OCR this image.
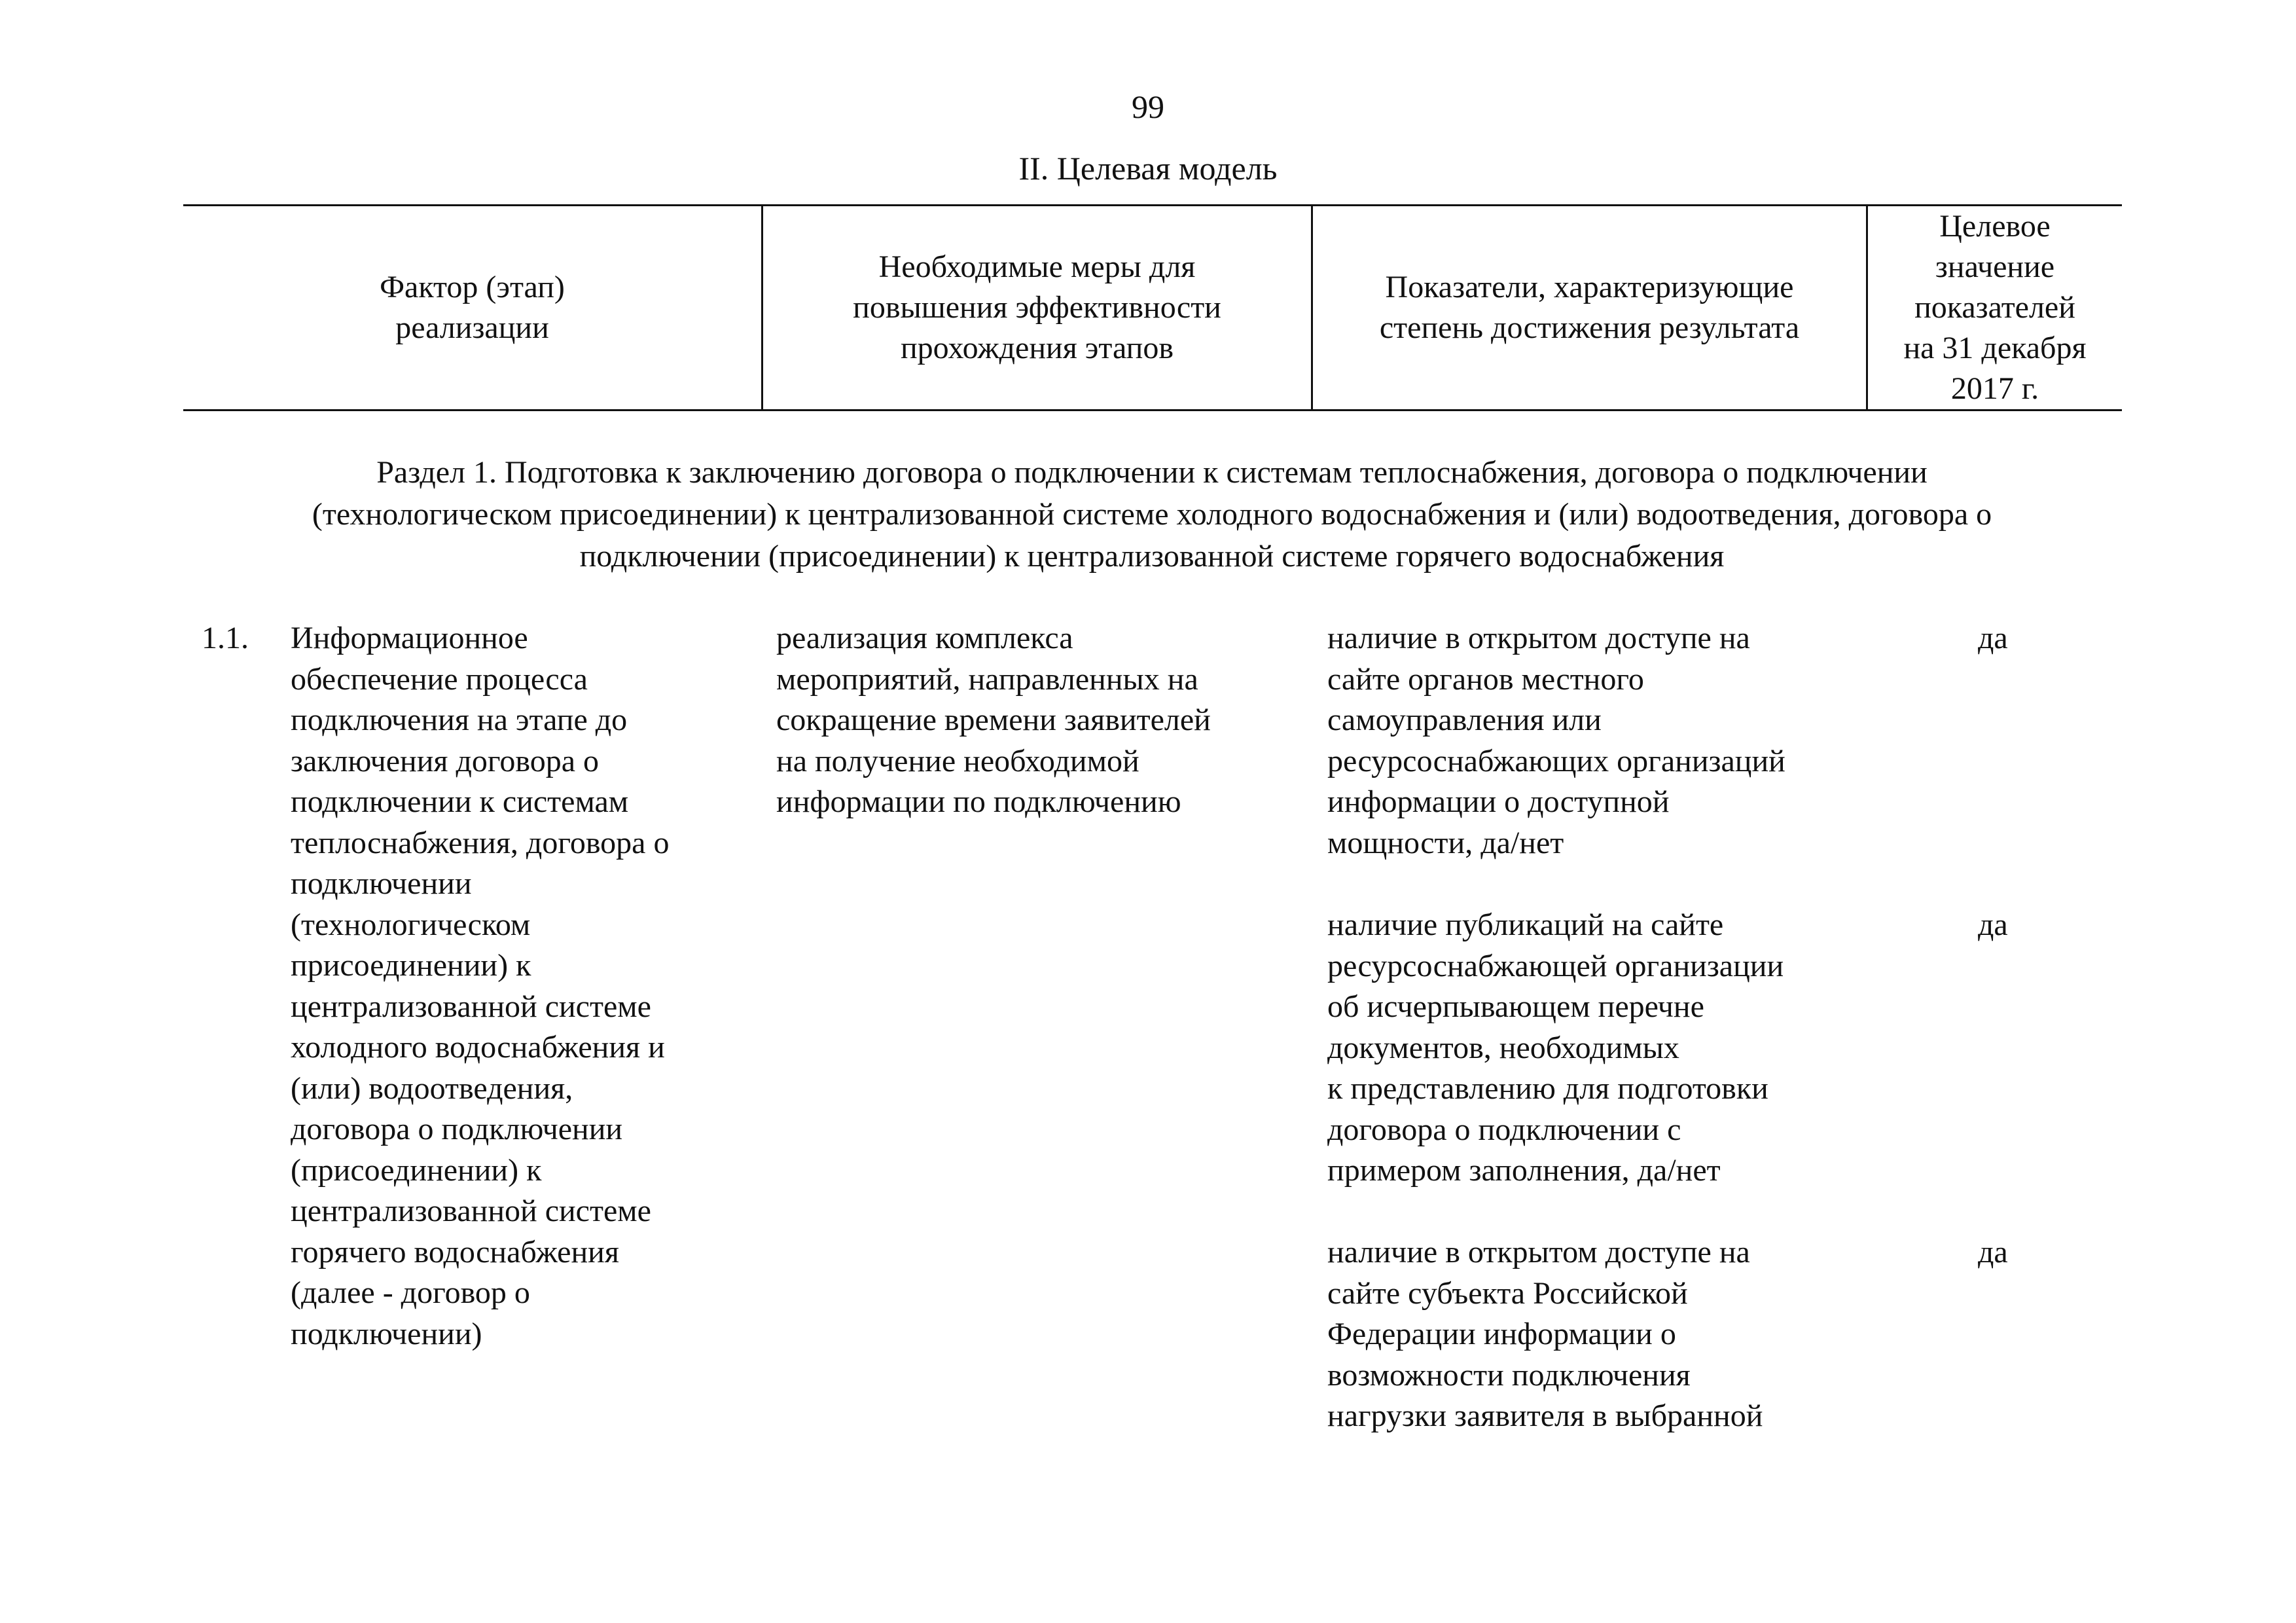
99
II. Целевая модель
Фактор (этап)
реализации
Необходимые меры для
повышения эффективности
прохождения этапов
Показатели, характеризующие
степень достижения результата
Целевое
значение
показателей
на 31 декабря
2017 г.
Раздел 1. Подготовка к заключению договора о подключении к системам теплоснабжения, договора о подключении
(технологическом присоединении) к централизованной системе холодного водоснабжения и (или) водоотведения, договора о
подключении (присоединении) к централизованной системе горячего водоснабжения
1.1. Информационное
обеспечение процесса
подключения на этапе до
заключения договора о
подключении к системам
теплоснабжения, договора о
подключении
(технологическом
присоединении) к
централизованной системе
холодного водоснабжения и
(или) водоотведения,
договора о подключении
(присоединении) к
централизованной системе
горячего водоснабжения
(далее - договор о
подключении)
реализация комплекса
мероприятий, направленных на
сокращение времени заявителей
на получение необходимой
информации по подключению
наличие в открытом доступе на
сайте органов местного
самоуправления или
ресурсоснабжающих организаций
информации о доступной
мощности, да/нет
да
наличие публикаций на сайте
ресурсоснабжающей организации
об исчерпывающем перечне
документов, необходимых
к представлению для подготовки
договора о подключении с
примером заполнения, да/нет
да
наличие в открытом доступе на
сайте субъекта Российской
Федерации информации о
возможности подключения
нагрузки заявителя в выбранной
да
